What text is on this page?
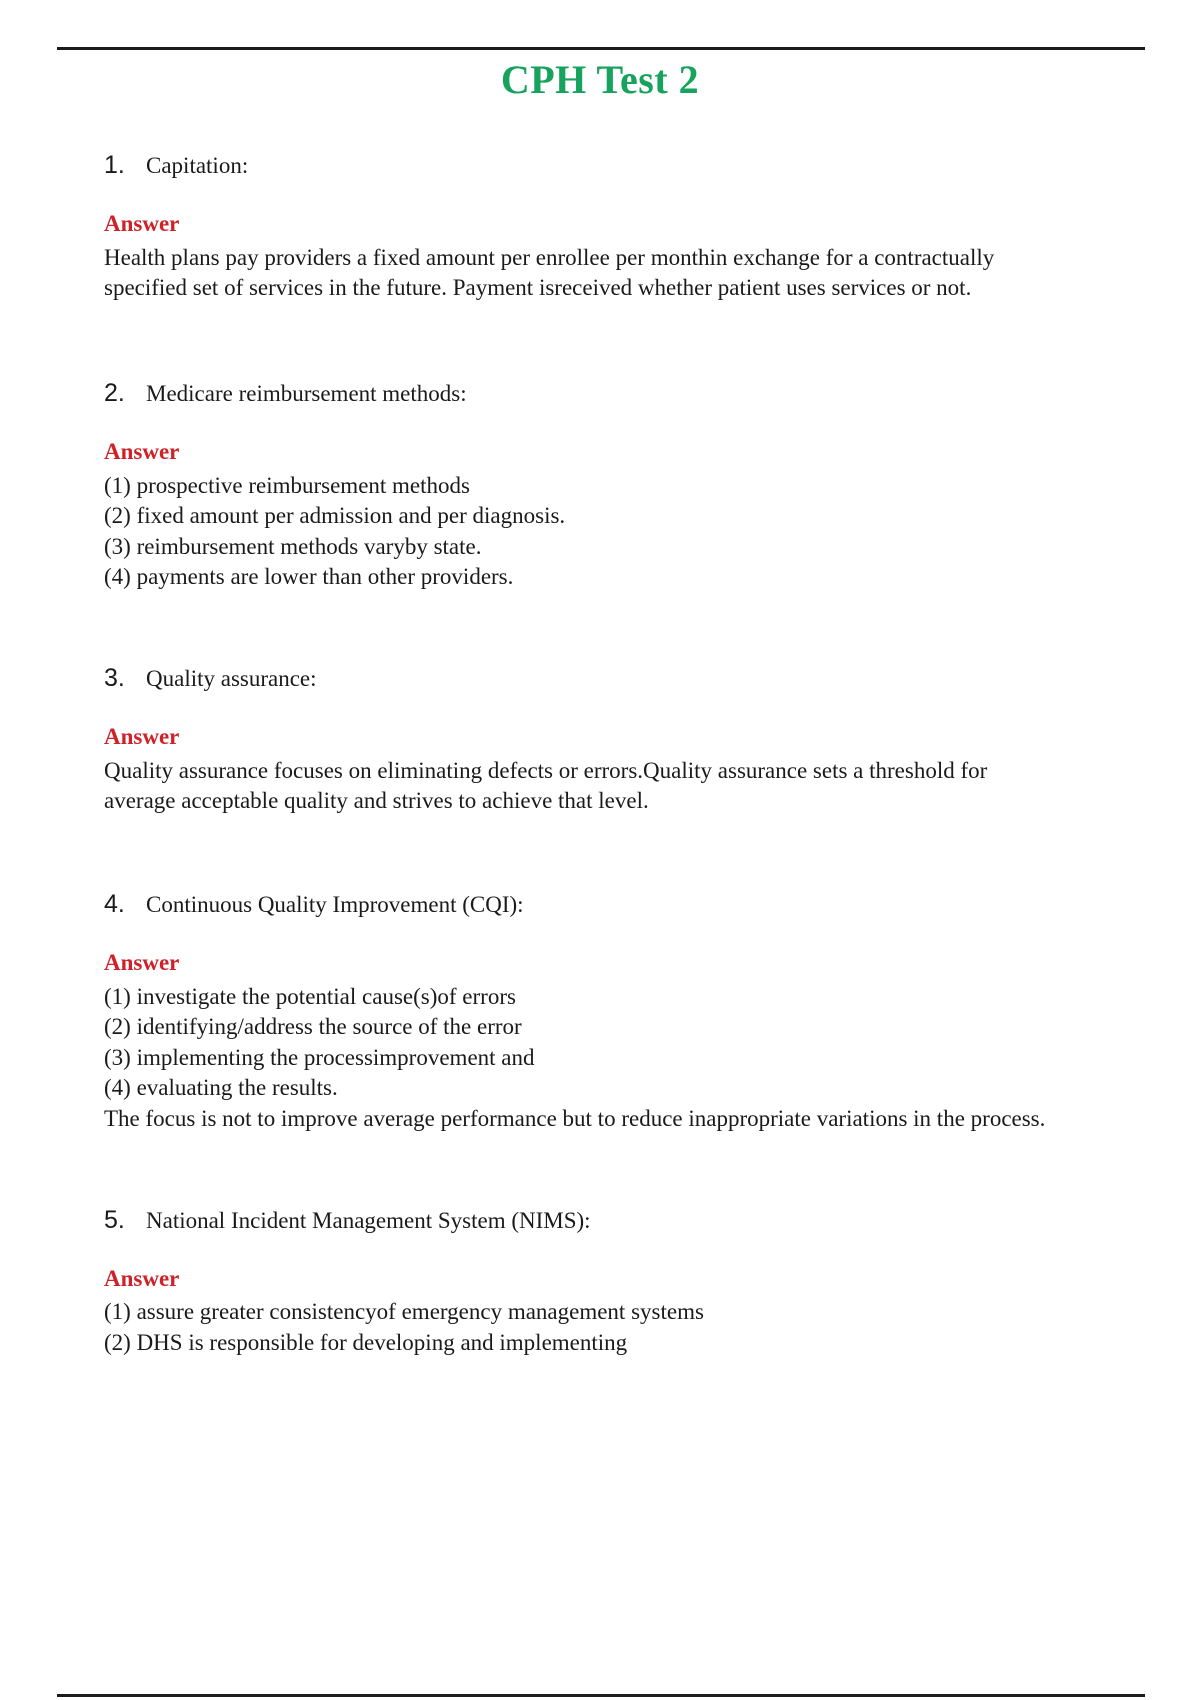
CPH Test 2
1. Capitation:
Answer

Health plans pay providers a fixed amount per enrollee per monthin exchange for a contractually specified set of services in the future. Payment isreceived whether patient uses services or not.

2. Medicare reimbursement methods:
Answer

(1) prospective reimbursement methods

(2) fixed amount per admission and per diagnosis.

(3) reimbursement methods varyby state.

(4) payments are lower than other providers.

3. Quality assurance:
Answer

Quality assurance focuses on eliminating defects or errors.Quality assurance sets a threshold for average acceptable quality and strives to achieve that level.

4. Continuous Quality Improvement (CQI):
Answer

(1) investigate the potential cause(s)of errors

(2) identifying/address the source of the error

(3) implementing the processimprovement and

(4) evaluating the results.

The focus is not to improve average performance but to reduce inappropriate variations in the process.

5. National Incident Management System (NIMS):
Answer

(1) assure greater consistencyof emergency management systems

(2) DHS is responsible for developing and implementing
